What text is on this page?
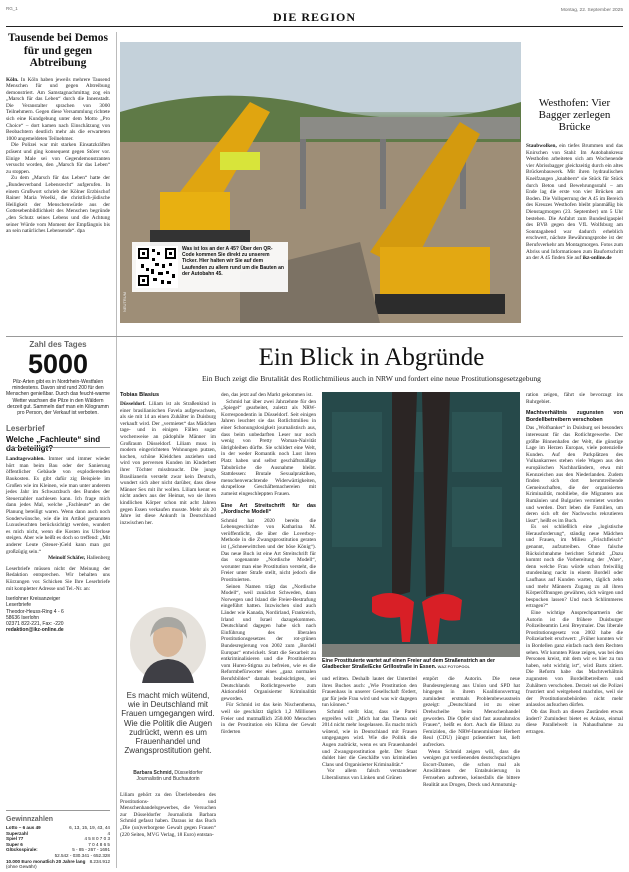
RG_1
DIE REGION	Montag, 22. September 2025
Tausende bei Demos für und gegen Abtreibung

Köln. In Köln haben jeweils mehrere Tausend Menschen für und gegen Abtreibung demonstriert. Am Samstagnachmittag zog ein „Marsch für das Leben“ durch die Innenstadt. Die Veranstalter sprachen von 3000 Teilnehmern. Gegen diese Versammlung richtete sich eine Kundgebung unter dem Motto „Pro Choice“ – dort kamen nach Einschätzung von Beobachtern deutlich mehr als die erwarteten 1000 angemeldeten Teilnehmer.

Die Polizei war mit starken Einsatzkräften präsent und ging konsequent gegen Störer vor. Einige Male sei von Gegendemonstranten versucht worden, den „Marsch für das Leben“ zu stoppen.

Zu dem „Marsch für das Leben“ hatte der „Bundesverband Lebensrecht“ aufgerufen. In einem Grußwort schrieb der Kölner Erzbischof Rainer Maria Woelki, die christlich-jüdische Heiligkeit der Menschenwürde aus der Gottesebenbildlichkeit des Menschen begründe „den Schutz seines Lebens und die Achtung seiner Würde vom Moment der Empfängnis bis an sein natürliches Lebensende“. dpa

Was ist los an der A 45? Über den QR-Code kommen Sie direkt zu unserem Ticker. Hier halten wir Sie auf dem Laufenden zu allem rund um die Bauten an der Autobahn 45.
NEUTRUM
Westhofen: Vier Bagger zerlegen Brücke

Staubwolken, ein tiefes Brummen und das Knirschen von Stahl: Im Autobahnkreuz Westhofen arbeiteten sich am Wochenende vier Abrissbagger gleichzeitig durch ein altes Brückenbauwerk. Mit ihren hydraulischen Kneifzangen „knabbern“ sie Stück für Stück durch Beton und Bewehrungsstahl – am Ende lag die erste von vier Brücken am Boden. Die Vollsperrung der A 45 im Bereich des Kreuzes Westhofen bleibt planmäßig bis Dienstagmorgen (23. September) um 5 Uhr bestehen. Die Anfahrt zum Bundesligaspiel des BVB gegen den VfL Wolfsburg am Sonntagabend war dadurch erheblich erschwert, nächste Bewährungsprobe ist der Berufsverkehr am Montagmorgen. Fotos zum Abriss und Informationen zum Baufortschritt an der A 45 finden Sie auf ikz-online.de

Zahl des Tages
5000
Pilz-Arten gibt es in Nordrhein-Westfalen mindestens. Davon sind rund 200 für den Menschen genießbar. Durch das feucht-warme Wetter wachsen die Pilze in den Wäldern derzeit gut. Sammeln darf man ein Kilogramm pro Person, der Verkauf ist verboten.
Leserbrief
Welche „Fachleute“ sind da beteiligt?

Landtagswahlen. Immer und immer wieder hört man beim Bau oder der Sanierung öffentlicher Gebäude von explodierenden Baukosten. Es gibt dafür zig Beispiele im Großen wie im Kleinen, wie man unter anderem jedes Jahr im Schwarzbuch des Bundes der Steuerzahler nachlesen kann. Ich frage mich dann jedes Mal, welche „Fachleute“ an der Planung beteiligt waren. Wenn dann auch noch Sonderwünsche, wie die im Artikel genannten Luxusleuchten berücksichtigt werden, wundert es mich nicht, wenn die Kosten ins Uferlose steigen. Aber wie heißt es doch so treffend: „Mit anderer Leute (Steuer-)Geld kann man gut großzügig sein.“

Meinolf Schäfer, Hallenberg

Leserbriefe müssen nicht der Meinung der Redaktion entsprechen. Wir behalten uns Kürzungen vor. Schicken Sie Ihre Leserbriefe mit kompletter Adresse und Tel.-Nr. an:
Iserlohner Kreisanzeiger
Leserbriefe
Theodor-Heuss-Ring 4 - 6
58636 Iserlohn
02371 822-221, Fax: -220
redaktion@ikz-online.de
Gewinnzahlen
Lotto – 6 aus 49	6, 13, 15, 19, 43, 44
Superzahl	4
Spiel 77	4 5 8 0 7 0 3
Super 6	7 0 4 8 6 5
Glücksspirale:	5 - 85 - 267 - 1691
52.542 - 030.341 - 652.328
10.000 Euro monatlich 20 Jahre lang 8.234.912
(ohne Gewähr)
Ein Blick in Abgründe
Ein Buch zeigt die Brutalität des Rotlichtmilieus auch in NRW und fordert eine neue Prostitutionsgesetzgebung
Tobias Blasius

Düsseldorf. Liliam ist als Straßenkind in einer brasilianischen Favela aufgewachsen, als sie mit 14 an einen Zuhälter in Duisburg verkauft wird. Der „vermietet“ das Mädchen tage- und in einigen Fällen sogar wochenweise an pädophile Männer im Großraum Düsseldorf. Liliam muss in modern eingerichteten Wohnungen putzen, kochen, schöne Kleidchen anziehen und wird von perversen Kunden im Kinderbett ihrer Töchter missbraucht. Die junge Brasilianerin versteht zwar kein Deutsch, wundert sich aber nicht darüber, dass diese Männer Sex mit ihr wollen. Liliam kennt es nicht anders aus der Heimat, wo sie ihren kindlichen Körper schon mit acht Jahren gegen Essen verkaufen musste. Mehr als 20 Jahre ist diese Ankunft in Deutschland inzwischen her.

Es macht mich wütend, wie in Deutschland mit Frauen umgegangen wird. Wie die Politik die Augen zudrückt, wenn es um Frauenhandel und Zwangsprostitution geht.
Barbara Schmid, Düsseldorfer Journalistin und Buchautorin
Liliam gehört zu den Überlebenden des Prostitutions- und Menschenhandelsgewerbes, die Versuchen zur Düsseldorfer Journalistin Barbara Schmid gefasst haben. Daraus ist das Buch „Die (un)verborgene Gewalt gegen Frauen“ (220 Seiten, MVG Verlag, 18 Euro) entstan-

den, das jetzt auf den Markt gekommen ist.

Schmid hat über zwei Jahrzehnte für den „Spiegel“ gearbeitet, zuletzt als NRW-Korrespondentin in Düsseldorf. Seit einigen Jahren leuchtet sie das Rotlichtmilieu in einer Schonungslosigkeit journalistisch aus, dass beim unbedarften Leser nur noch wenig von Pretty Woman-Naivität übrigbleiben dürfte. Sie schildert eine Welt, in der weder Romantik noch Lust ihren Platz haben und selbst geschäftsmäßige Tabubrüche die Ausnahme bleibt. Stattdessen: Brutale Sexualpraktiken, menschenverachtende Widerwärtigkeiten, skrupellose Geschäftemachereien mit zumeist eingeschleppten Frauen.

Eine Art Streitschrift für das „Nordische Modell“

Schmid hat 2020 bereits die Lebensgeschichte von Katharina M. veröffentlicht, die über die Loverboy-Methode in die Zwangsprostitution geraten ist („Schneewittchen und der böse König“). Das neue Buch ist eine Art Streitschrift für das sogenannte „Nordische Modell“, worunter man eine Prostitution versteht, die Freier unter Strafe stellt, nicht jedoch die Prostituierten.

Seinen Namen trägt das „Nordische Modell“, weil zunächst Schweden, dann Norwegen und Island die Freier-Bestrafung eingeführt hatten. Inzwischen sind auch Länder wie Kanada, Nordirland, Frankreich, Irland und Israel dazugekommen. Deutschland dagegen habe sich nach Einführung des liberalen Prostitutionsgesetzes der rot-grünen Bundesregierung von 2002 zum „Bordell Europas“ entwickelt. Statt die Sexarbeit zu entkriminalisieren und die Prostituierten vom Huren-Stigma zu befreien, wie es die Reformbefürworter eines „ganz normalen Berufsbildes“ damals beabsichtigten, sei Deutschlands Rotlichtgewerbe zum Aktionsfeld Organisierter Kriminalität geworden.

Für Schmid ist das kein Nischenthema, weil sie geschätzt täglich 1,2 Millionen Freier und mutmaßlich 250.000 Menschen in der Prostitution ein Klima der Gewalt förderten

Eine Prostituierte wartet auf einen Freier auf dem Straßenstrich an der Gladbecker Straße/Ecke Grillostraße in Essen. WAZ FOTOPOOL

und erlitten. Deshalb lautet der Untertitel ihres Buches auch: „Wie Prostitution den Frauenhass in unserer Gesellschaft fördert, gar für jede Frau wird und was wir dagegen tun können.“

Schmid stellt klar, dass sie Partei ergreifen will: „Mich hat das Thema seit 2014 nicht mehr losgelassen. Es macht mich wütend, wie in Deutschland mit Frauen umgegangen wird. Wie die Politik die Augen zudrückt, wenn es um Frauenhandel und Zwangsprostitution geht. Der Staat duldet hier die Geschäfte von kriminellen Clans und Organisierter Kriminalität.“

Vor allem falsch verstandener Liberalismus von Linken und Grünen

empört die Autorin. Die neue Bundesregierung aus Union und SPD hat hingegen in ihrem Koalitionsvertrag zumindest erstmals Problembewusstsein gezeigt: „Deutschland ist zu einer Drehscheibe beim Menschenhandel geworden. Die Opfer sind fast ausnahmslos Frauen“, heißt es dort. Auch die Bilanz zu Femiziden, die NRW-Innenminister Herbert Reul (CDU) jüngst präsentiert hat, lieft aufrecken.

Wenn Schmid zeigen will, dass die wenigen gut verdienenden deutschsprachigen Escort-Damen, die schon mal als Anwältinnen der Entabuisierung in Fernsehen auftreten, keinesfalls die bittere Realität aus Drogen, Dreck und Armutsmig-

ration zeigen, fährt sie bevorzugt ins Ruhrgebiet.

Machtverhältnis zugunsten von Bordellbetreibern verschoben

Das „Wolfsanker“ in Duisburg sei besonders interessant für das Rotlichtgewerbe. Der größte Binnenhafen der Welt, die günstige Lage im Herzen Europas, viele potenzielle Kunden. Auf den Parkplätzen des Vulkankarrees stehen viele Wagen aus den europäischen Nachbarländern, etwa mit Kennzeichen aus den Niederlanden. Zudem finden sich dort herumtreibende Gemeinschaften, die der organisierten Kriminalität, mobiliebe, die Migranten aus Rumänien und Bulgarien vermietet wurden und werden. Dort leben die Familien, um deren sich oft der Nachwuchs rekrutieren lässt“, heißt es im Buch.

Es sei schließlich eine „logistische Herausforderung“, ständig neue Mädchen und Frauen, im Milieu „Frischfleisch“ genannt, aufzutreiben. Ohne falsche Rücksichtnahme berichtet Schmid: „Dazu kommt noch die Vorbereitung der ‚Ware‘, denn welche Frau würde schon freiwillig stundenlang nackt in einem Bordell oder Laufhaus auf Kunden warten, täglich zehn und mehr Männern Zugang zu all ihren Körperöffnungen gewähren, sich würgen und bespucken lassen? Und noch Schlimmeres ertragen?“

Eine wichtige Ansprechpartnerin der Autorin ist die frühere Duisburger Polizeibeamtin Leni Breymaier. Das liberale Prostitutionsgesetz von 2002 habe die Polizeiarbeit erschwert: „Früher konnten wir in Bordellen ganz einfach nach dem Rechten sehen. Wir konnten Pässe zeigen, was bei den Personen kreist, mit dem wir es hier zu tun haben, seht wichtig ist“, wird Barts zitiert. Die Reform habe das Machtverhältnis zugunsten von Bordellbetreibern und Zuhältern verschoben. Derzeit sei die Polizei frustriert und weitgehend machtlos, weil sie der Prostitutionsbehörden nicht mehr anlasslos aufsuchen dürfen.

Ob das Buch an diesen Zuständen etwas ändert? Zumindest bietet es Anlass, einmal diese Parallelwelt in Nahaufnahme zu ertragen.
